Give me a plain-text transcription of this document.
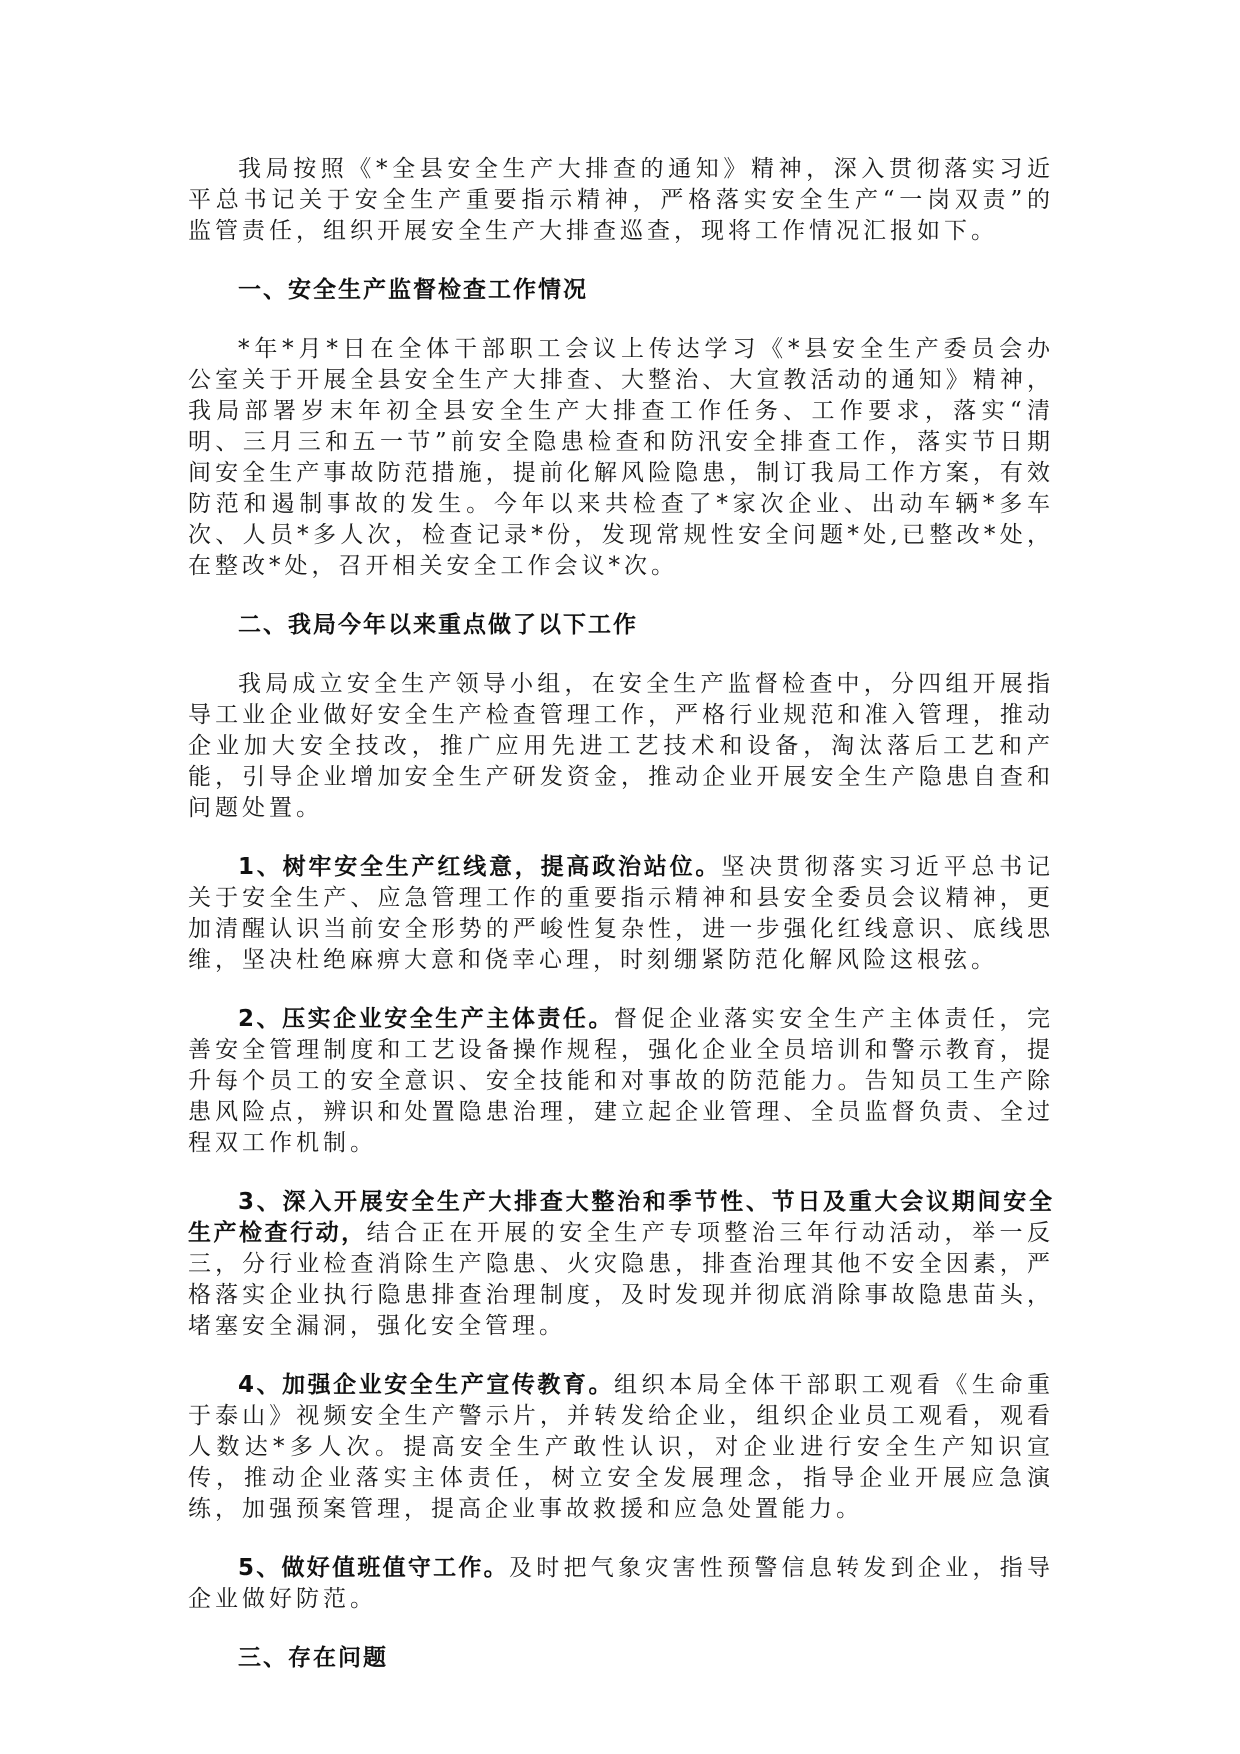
我局按照《*全县安全生产大排查的通知》精神，深入贯彻落实习近平总书记关于安全生产重要指示精神，严格落实安全生产“一岗双责”的监管责任，组织开展安全生产大排查巡查，现将工作情况汇报如下。

一、安全生产监督检查工作情况

*年*月*日在全体干部职工会议上传达学习《*县安全生产委员会办公室关于开展全县安全生产大排查、大整治、大宣教活动的通知》精神，我局部署岁末年初全县安全生产大排查工作任务、工作要求，落实“清明、三月三和五一节”前安全隐患检查和防汛安全排查工作，落实节日期间安全生产事故防范措施，提前化解风险隐患，制订我局工作方案，有效防范和遏制事故的发生。今年以来共检查了*家次企业、出动车辆*多车次、人员*多人次，检查记录*份，发现常规性安全问题*处,已整改*处，在整改*处，召开相关安全工作会议*次。

二、我局今年以来重点做了以下工作

我局成立安全生产领导小组，在安全生产监督检查中，分四组开展指导工业企业做好安全生产检查管理工作，严格行业规范和准入管理，推动企业加大安全技改，推广应用先进工艺技术和设备，淘汰落后工艺和产能，引导企业增加安全生产研发资金，推动企业开展安全生产隐患自查和问题处置。

1、树牢安全生产红线意，提高政治站位。坚决贯彻落实习近平总书记关于安全生产、应急管理工作的重要指示精神和县安全委员会议精神，更加清醒认识当前安全形势的严峻性复杂性，进一步强化红线意识、底线思维，坚决杜绝麻痹大意和侥幸心理，时刻绷紧防范化解风险这根弦。

2、压实企业安全生产主体责任。督促企业落实安全生产主体责任，完善安全管理制度和工艺设备操作规程，强化企业全员培训和警示教育，提升每个员工的安全意识、安全技能和对事故的防范能力。告知员工生产除患风险点，辨识和处置隐患治理，建立起企业管理、全员监督负责、全过程双工作机制。

3、深入开展安全生产大排查大整治和季节性、节日及重大会议期间安全生产检查行动，结合正在开展的安全生产专项整治三年行动活动，举一反三，分行业检查消除生产隐患、火灾隐患，排查治理其他不安全因素，严格落实企业执行隐患排查治理制度，及时发现并彻底消除事故隐患苗头，堵塞安全漏洞，强化安全管理。

4、加强企业安全生产宣传教育。组织本局全体干部职工观看《生命重于泰山》视频安全生产警示片，并转发给企业，组织企业员工观看，观看人数达*多人次。提高安全生产敢性认识，对企业进行安全生产知识宣传，推动企业落实主体责任，树立安全发展理念，指导企业开展应急演练，加强预案管理，提高企业事故救援和应急处置能力。

5、做好值班值守工作。及时把气象灾害性预警信息转发到企业，指导企业做好防范。

三、存在问题
